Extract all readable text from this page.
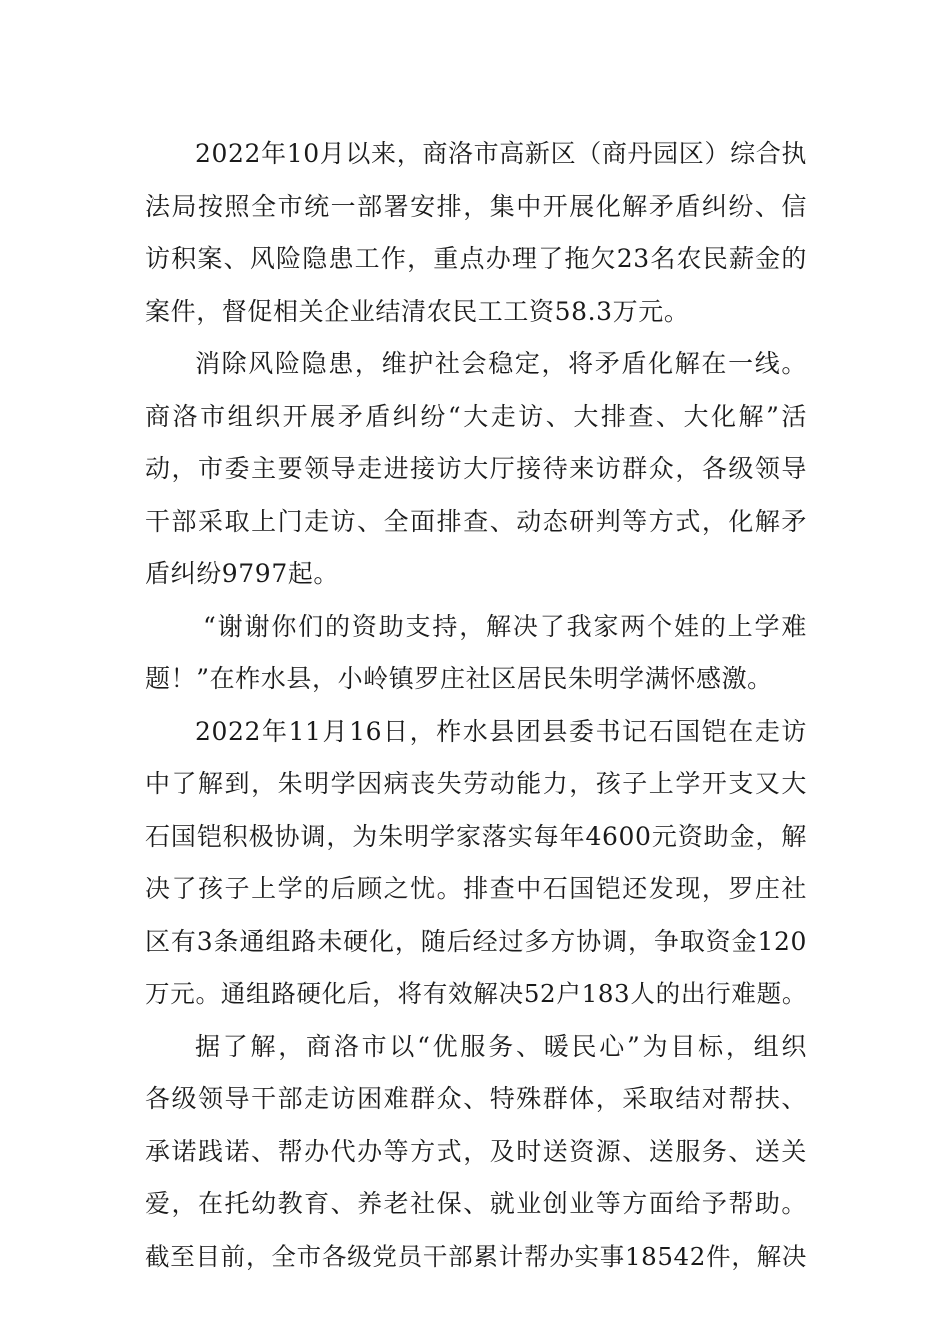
2022年10月以来，商洛市高新区（商丹园区）综合执
法局按照全市统一部署安排，集中开展化解矛盾纠纷、信
访积案、风险隐患工作，重点办理了拖欠23名农民薪金的
案件，督促相关企业结清农民工工资58.3万元。
消除风险隐患，维护社会稳定，将矛盾化解在一线。
商洛市组织开展矛盾纠纷“大走访、大排查、大化解”活
动，市委主要领导走进接访大厅接待来访群众，各级领导
干部采取上门走访、全面排查、动态研判等方式，化解矛
盾纠纷9797起。
“谢谢你们的资助支持，解决了我家两个娃的上学难
题！”在柞水县，小岭镇罗庄社区居民朱明学满怀感激。
2022年11月16日，柞水县团县委书记石国铠在走访
中了解到，朱明学因病丧失劳动能力，孩子上学开支又大
石国铠积极协调，为朱明学家落实每年4600元资助金，解
决了孩子上学的后顾之忧。排查中石国铠还发现，罗庄社
区有3条通组路未硬化，随后经过多方协调，争取资金120
万元。通组路硬化后，将有效解决52户183人的出行难题。
据了解，商洛市以“优服务、暖民心”为目标，组织
各级领导干部走访困难群众、特殊群体，采取结对帮扶、
承诺践诺、帮办代办等方式，及时送资源、送服务、送关
爱，在托幼教育、养老社保、就业创业等方面给予帮助。
截至目前，全市各级党员干部累计帮办实事18542件，解决
